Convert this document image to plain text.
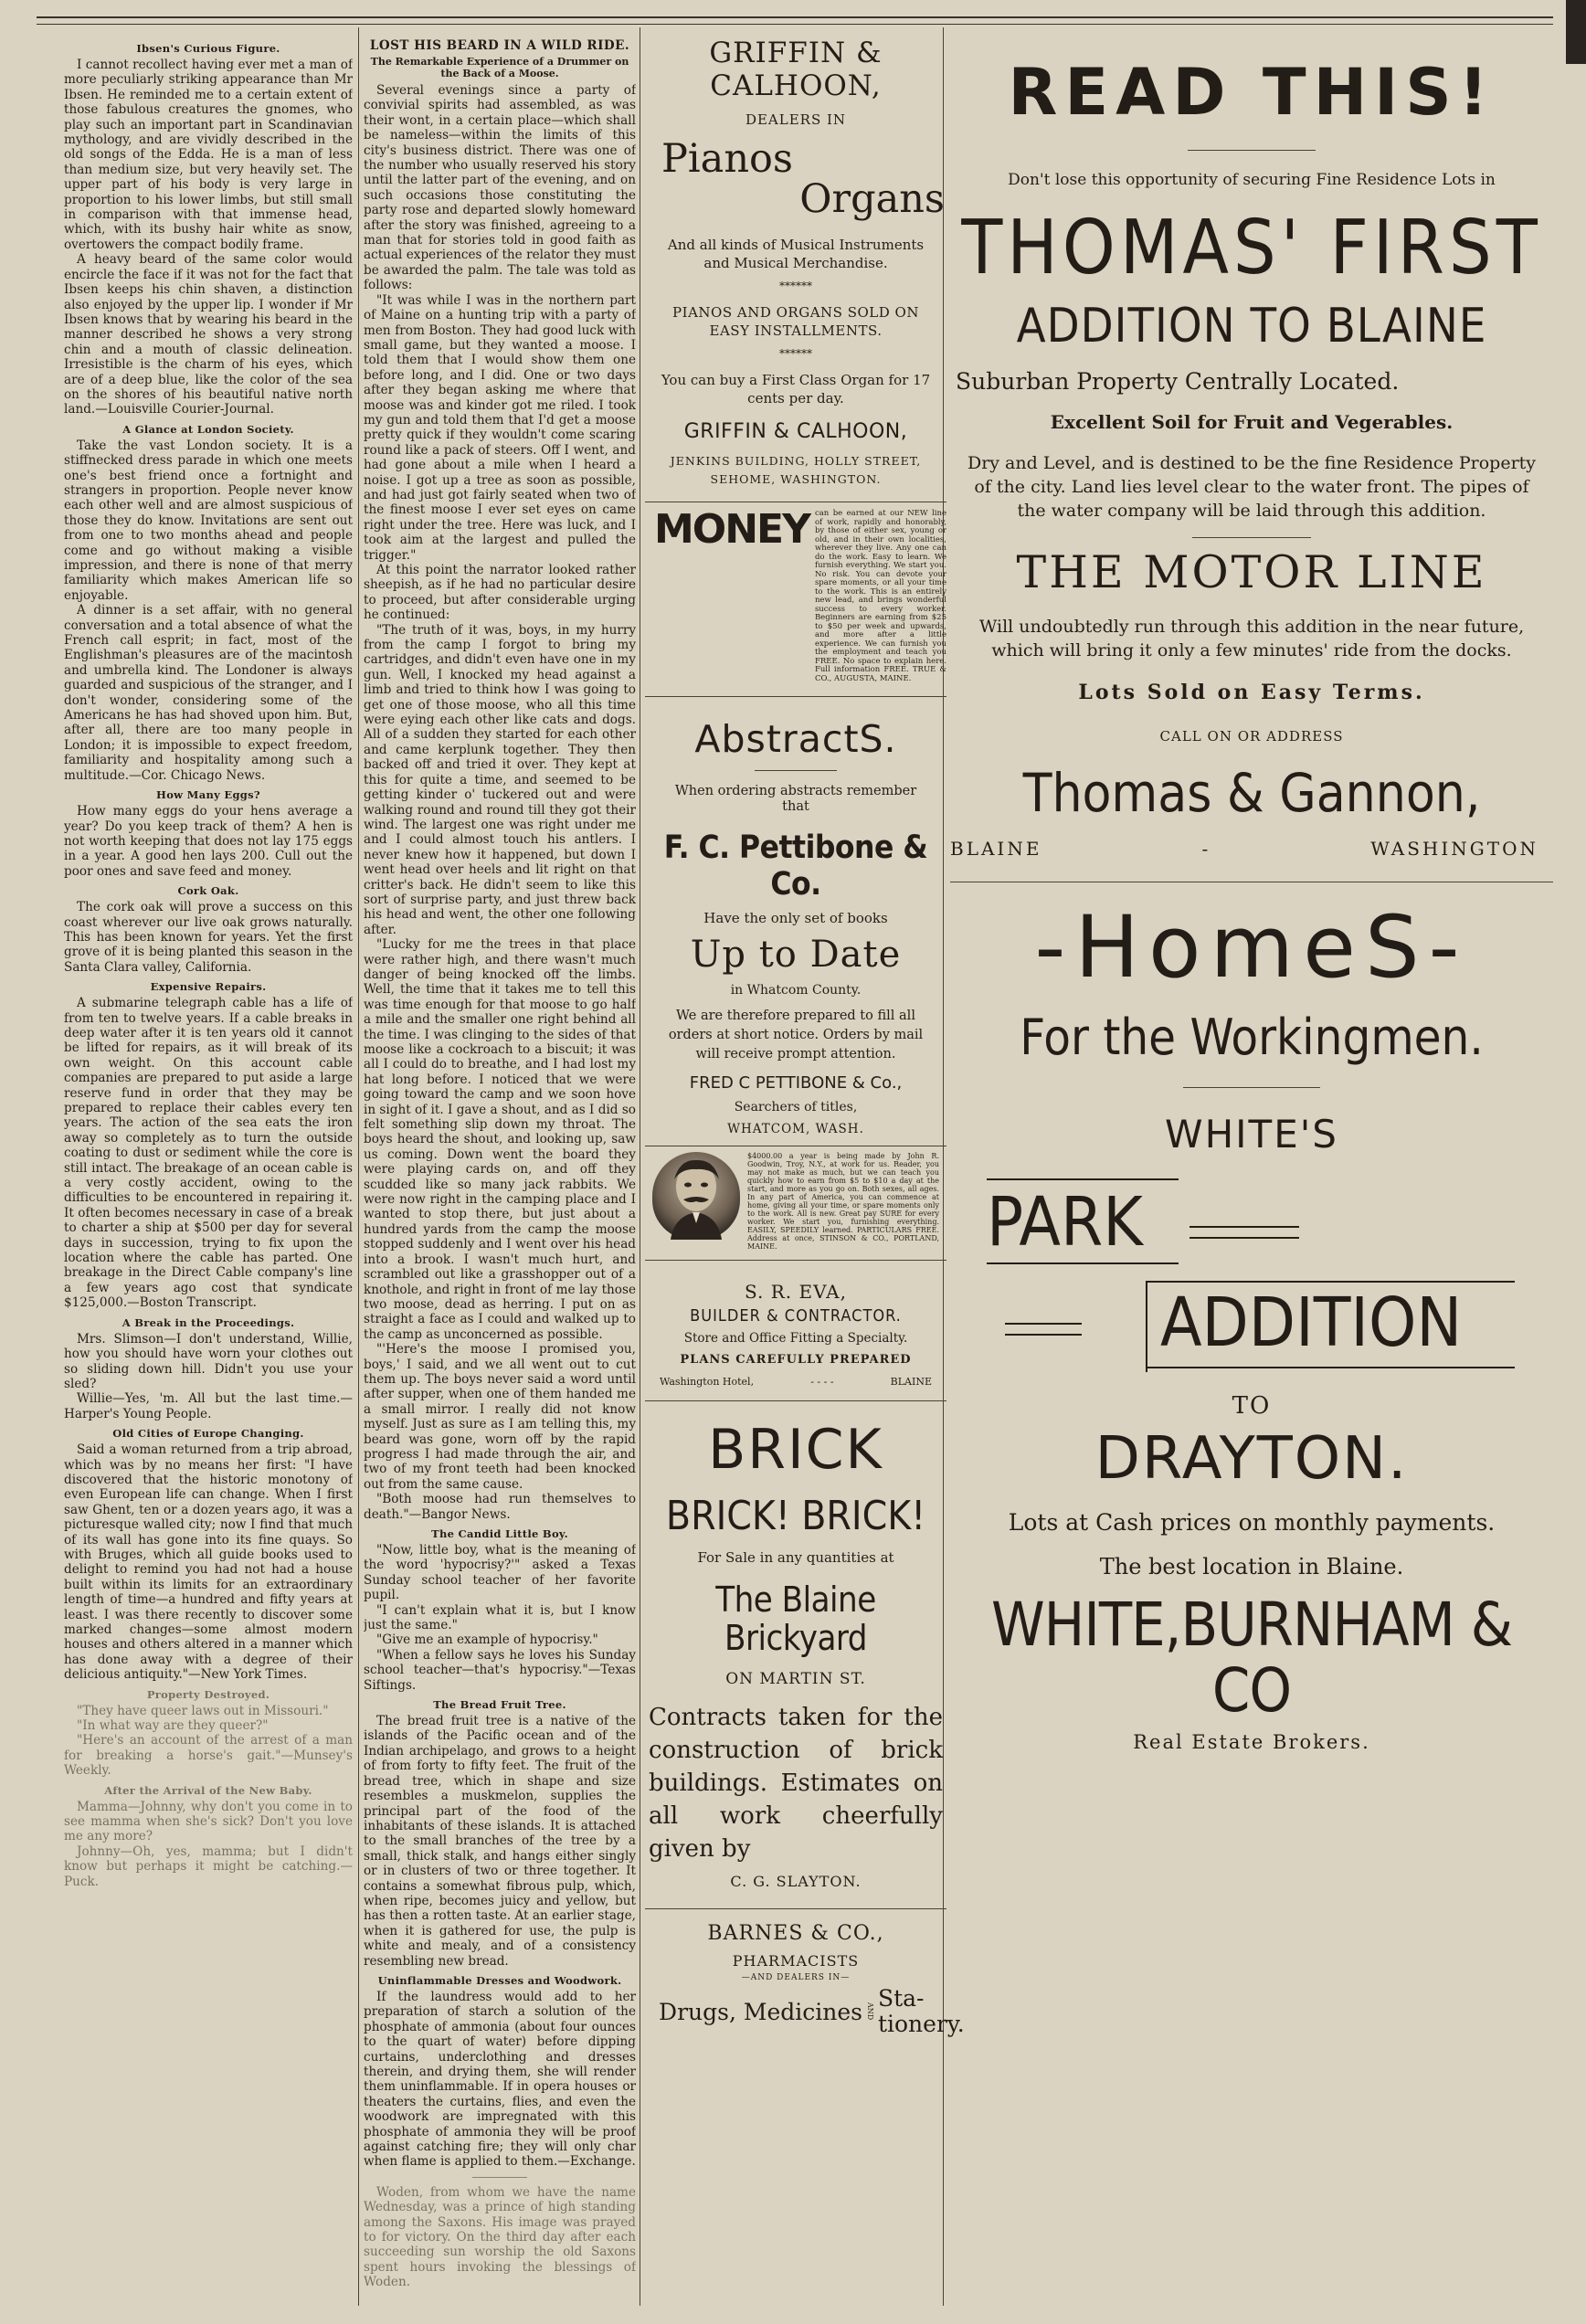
Ibsen's Curious Figure.

I cannot recollect having ever met a man of more peculiarly striking appearance than Mr Ibsen. He reminded me to a certain extent of those fabulous creatures the gnomes, who play such an important part in Scandinavian mythology, and are vividly described in the old songs of the Edda. He is a man of less than medium size, but very heavily set. The upper part of his body is very large in proportion to his lower limbs, but still small in comparison with that immense head, which, with its bushy hair white as snow, overtowers the compact bodily frame.

A heavy beard of the same color would encircle the face if it was not for the fact that Ibsen keeps his chin shaven, a distinction also enjoyed by the upper lip. I wonder if Mr Ibsen knows that by wearing his beard in the manner described he shows a very strong chin and a mouth of classic delineation. Irresistible is the charm of his eyes, which are of a deep blue, like the color of the sea on the shores of his beautiful native north land.—Louisville Courier-Journal.

A Glance at London Society.

Take the vast London society. It is a stiffnecked dress parade in which one meets one's best friend once a fortnight and strangers in proportion. People never know each other well and are almost suspicious of those they do know. Invitations are sent out from one to two months ahead and people come and go without making a visible impression, and there is none of that merry familiarity which makes American life so enjoyable.

A dinner is a set affair, with no general conversation and a total absence of what the French call esprit; in fact, most of the Englishman's pleasures are of the macintosh and umbrella kind. The Londoner is always guarded and suspicious of the stranger, and I don't wonder, considering some of the Americans he has had shoved upon him. But, after all, there are too many people in London; it is impossible to expect freedom, familiarity and hospitality among such a multitude.—Cor. Chicago News.

How Many Eggs?

How many eggs do your hens average a year? Do you keep track of them? A hen is not worth keeping that does not lay 175 eggs in a year. A good hen lays 200. Cull out the poor ones and save feed and money.

Cork Oak.

The cork oak will prove a success on this coast wherever our live oak grows naturally. This has been known for years. Yet the first grove of it is being planted this season in the Santa Clara valley, California.

Expensive Repairs.

A submarine telegraph cable has a life of from ten to twelve years. If a cable breaks in deep water after it is ten years old it cannot be lifted for repairs, as it will break of its own weight. On this account cable companies are prepared to put aside a large reserve fund in order that they may be prepared to replace their cables every ten years. The action of the sea eats the iron away so completely as to turn the outside coating to dust or sediment while the core is still intact. The breakage of an ocean cable is a very costly accident, owing to the difficulties to be encountered in repairing it. It often becomes necessary in case of a break to charter a ship at $500 per day for several days in succession, trying to fix upon the location where the cable has parted. One breakage in the Direct Cable company's line a few years ago cost that syndicate $125,000.—Boston Transcript.

A Break in the Proceedings.

Mrs. Slimson—I don't understand, Willie, how you should have worn your clothes out so sliding down hill. Didn't you use your sled?

Willie—Yes, 'm. All but the last time.—Harper's Young People.

Old Cities of Europe Changing.

Said a woman returned from a trip abroad, which was by no means her first: "I have discovered that the historic monotony of even European life can change. When I first saw Ghent, ten or a dozen years ago, it was a picturesque walled city; now I find that much of its wall has gone into its fine quays. So with Bruges, which all guide books used to delight to remind you had not had a house built within its limits for an extraordinary length of time—a hundred and fifty years at least. I was there recently to discover some marked changes—some almost modern houses and others altered in a manner which has done away with a degree of their delicious antiquity."—New York Times.

Property Destroyed.

"They have queer laws out in Missouri."

"In what way are they queer?"

"Here's an account of the arrest of a man for breaking a horse's gait."—Munsey's Weekly.

After the Arrival of the New Baby.

Mamma—Johnny, why don't you come in to see mamma when she's sick? Don't you love me any more?

Johnny—Oh, yes, mamma; but I didn't know but perhaps it might be catching.—Puck.

LOST HIS BEARD IN A WILD RIDE.
The Remarkable Experience of a Drummer on the Back of a Moose.

Several evenings since a party of convivial spirits had assembled, as was their wont, in a certain place—which shall be nameless—within the limits of this city's business district. There was one of the number who usually reserved his story until the latter part of the evening, and on such occasions those constituting the party rose and departed slowly homeward after the story was finished, agreeing to a man that for stories told in good faith as actual experiences of the relator they must be awarded the palm. The tale was told as follows:

"It was while I was in the northern part of Maine on a hunting trip with a party of men from Boston. They had good luck with small game, but they wanted a moose. I told them that I would show them one before long, and I did. One or two days after they began asking me where that moose was and kinder got me riled. I took my gun and told them that I'd get a moose pretty quick if they wouldn't come scaring round like a pack of steers. Off I went, and had gone about a mile when I heard a noise. I got up a tree as soon as possible, and had just got fairly seated when two of the finest moose I ever set eyes on came right under the tree. Here was luck, and I took aim at the largest and pulled the trigger."

At this point the narrator looked rather sheepish, as if he had no particular desire to proceed, but after considerable urging he continued:

"The truth of it was, boys, in my hurry from the camp I forgot to bring my cartridges, and didn't even have one in my gun. Well, I knocked my head against a limb and tried to think how I was going to get one of those moose, who all this time were eying each other like cats and dogs. All of a sudden they started for each other and came kerplunk together. They then backed off and tried it over. They kept at this for quite a time, and seemed to be getting kinder o' tuckered out and were walking round and round till they got their wind. The largest one was right under me and I could almost touch his antlers. I never knew how it happened, but down I went head over heels and lit right on that critter's back. He didn't seem to like this sort of surprise party, and just threw back his head and went, the other one following after.

"Lucky for me the trees in that place were rather high, and there wasn't much danger of being knocked off the limbs. Well, the time that it takes me to tell this was time enough for that moose to go half a mile and the smaller one right behind all the time. I was clinging to the sides of that moose like a cockroach to a biscuit; it was all I could do to breathe, and I had lost my hat long before. I noticed that we were going toward the camp and we soon hove in sight of it. I gave a shout, and as I did so felt something slip down my throat. The boys heard the shout, and looking up, saw us coming. Down went the board they were playing cards on, and off they scudded like so many jack rabbits. We were now right in the camping place and I wanted to stop there, but just about a hundred yards from the camp the moose stopped suddenly and I went over his head into a brook. I wasn't much hurt, and scrambled out like a grasshopper out of a knothole, and right in front of me lay those two moose, dead as herring. I put on as straight a face as I could and walked up to the camp as unconcerned as possible.

"'Here's the moose I promised you, boys,' I said, and we all went out to cut them up. The boys never said a word until after supper, when one of them handed me a small mirror. I really did not know myself. Just as sure as I am telling this, my beard was gone, worn off by the rapid progress I had made through the air, and two of my front teeth had been knocked out from the same cause.

"Both moose had run themselves to death."—Bangor News.

The Candid Little Boy.

"Now, little boy, what is the meaning of the word 'hypocrisy?'" asked a Texas Sunday school teacher of her favorite pupil.

"I can't explain what it is, but I know just the same."

"Give me an example of hypocrisy."

"When a fellow says he loves his Sunday school teacher—that's hypocrisy."—Texas Siftings.

The Bread Fruit Tree.

The bread fruit tree is a native of the islands of the Pacific ocean and of the Indian archipelago, and grows to a height of from forty to fifty feet. The fruit of the bread tree, which in shape and size resembles a muskmelon, supplies the principal part of the food of the inhabitants of these islands. It is attached to the small branches of the tree by a small, thick stalk, and hangs either singly or in clusters of two or three together. It contains a somewhat fibrous pulp, which, when ripe, becomes juicy and yellow, but has then a rotten taste. At an earlier stage, when it is gathered for use, the pulp is white and mealy, and of a consistency resembling new bread.

Uninflammable Dresses and Woodwork.

If the laundress would add to her preparation of starch a solution of the phosphate of ammonia (about four ounces to the quart of water) before dipping curtains, underclothing and dresses therein, and drying them, she will render them uninflammable. If in opera houses or theaters the curtains, flies, and even the woodwork are impregnated with this phosphate of ammonia they will be proof against catching fire; they will only char when flame is applied to them.—Exchange.

Woden, from whom we have the name Wednesday, was a prince of high standing among the Saxons. His image was prayed to for victory. On the third day after each succeeding sun worship the old Saxons spent hours invoking the blessings of Woden.

GRIFFIN & CALHOON,
DEALERS IN
Pianos
Organs
And all kinds of Musical Instruments and Musical Merchandise.
******
PIANOS AND ORGANS SOLD ON EASY INSTALLMENTS.
******
You can buy a First Class Organ for 17 cents per day.
GRIFFIN & CALHOON,
JENKINS BUILDING, HOLLY STREET, SEHOME, WASHINGTON.
MONEY can be earned at our NEW line of work, rapidly and honorably, by those of either sex, young or old, and in their own localities, wherever they live. Any one can do the work. Easy to learn. We furnish everything. We start you. No risk. You can devote your spare moments, or all your time to the work. This is an entirely new lead, and brings wonderful success to every worker. Beginners are earning from $25 to $50 per week and upwards, and more after a little experience. We can furnish you the employment and teach you FREE. No space to explain here. Full information FREE. TRUE & CO., AUGUSTA, MAINE.
AbstractS.
When ordering abstracts remember that
F. C. Pettibone & Co.
Have the only set of books
Up to Date
in Whatcom County.
We are therefore prepared to fill all orders at short notice. Orders by mail will receive prompt attention.
FRED C PETTIBONE & Co.,
Searchers of titles,
WHATCOM, WASH.
$4000.00 a year is being made by John R. Goodwin, Troy, N.Y., at work for us. Reader, you may not make as much, but we can teach you quickly how to earn from $5 to $10 a day at the start, and more as you go on. Both sexes, all ages. In any part of America, you can commence at home, giving all your time, or spare moments only to the work. All is new. Great pay SURE for every worker. We start you, furnishing everything. EASILY, SPEEDILY learned. PARTICULARS FREE. Address at once, STINSON & CO., PORTLAND, MAINE.
S. R. EVA,
BUILDER & CONTRACTOR.
Store and Office Fitting a Specialty.
PLANS CAREFULLY PREPARED
Washington Hotel,	- - - -	BLAINE
BRICK
BRICK! BRICK!
For Sale in any quantities at
The Blaine Brickyard
ON MARTIN ST.
Contracts taken for the construction of brick buildings. Estimates on all work cheerfully given by
C. G. SLAYTON.
BARNES & CO.,
PHARMACISTS
—AND DEALERS IN—
Drugs, Medicines AND Sta-tionery.
READ THIS!
Don't lose this opportunity of securing Fine Residence Lots in
THOMAS' FIRST
ADDITION TO BLAINE
Suburban Property Centrally Located.
Excellent Soil for Fruit and Vegerables.
Dry and Level, and is destined to be the fine Residence Property of the city. Land lies level clear to the water front. The pipes of the water company will be laid through this addition.
THE MOTOR LINE
Will undoubtedly run through this addition in the near future, which will bring it only a few minutes' ride from the docks.
Lots Sold on Easy Terms.
CALL ON OR ADDRESS
Thomas & Gannon,
BLAINE	-	WASHINGTON
-HomeS-
For the Workingmen.
WHITE'S
PARK
ADDITION
TO
DRAYTON.
Lots at Cash prices on monthly payments.
The best location in Blaine.
WHITE,BURNHAM & CO
Real Estate Brokers.
